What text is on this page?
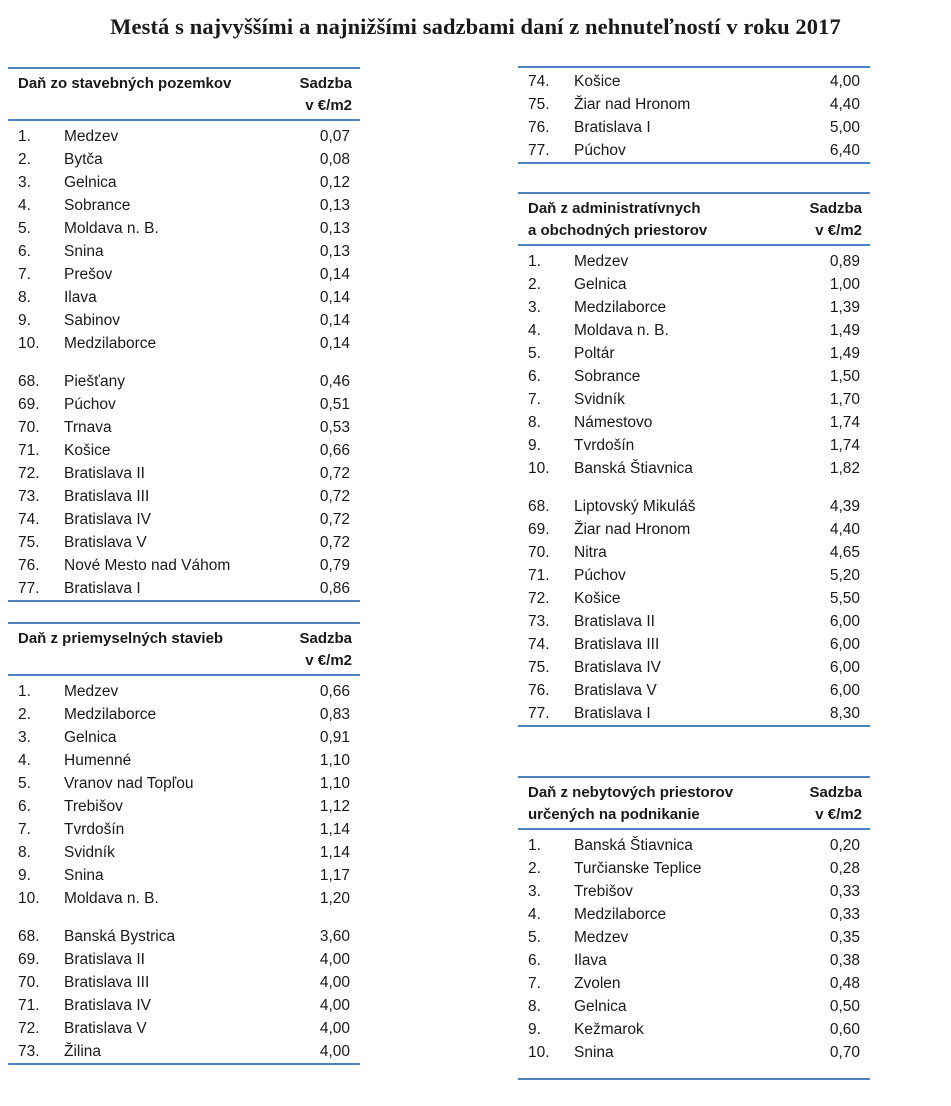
Mestá s najvyššími a najnižšími sadzbami daní z nehnuteľností v roku 2017
Daň zo stavebných pozemkov	Sadzba
v €/m2
1. Medzev	0,07
2. Bytča	0,08
3. Gelnica	0,12
4. Sobrance	0,13
5. Moldava n. B.	0,13
6. Snina	0,13
7. Prešov	0,14
8. Ilava	0,14
9. Sabinov	0,14
10. Medzilaborce	0,14
68. Piešťany	0,46
69. Púchov	0,51
70. Trnava	0,53
71. Košice	0,66
72. Bratislava II	0,72
73. Bratislava III	0,72
74. Bratislava IV	0,72
75. Bratislava V	0,72
76. Nové Mesto nad Váhom	0,79
77. Bratislava I	0,86
Daň z priemyselných stavieb	Sadzba
v €/m2
1. Medzev	0,66
2. Medzilaborce	0,83
3. Gelnica	0,91
4. Humenné	1,10
5. Vranov nad Topľou	1,10
6. Trebišov	1,12
7. Tvrdošín	1,14
8. Svidník	1,14
9. Snina	1,17
10. Moldava n. B.	1,20
68. Banská Bystrica	3,60
69. Bratislava II	4,00
70. Bratislava III	4,00
71. Bratislava IV	4,00
72. Bratislava V	4,00
73. Žilina	4,00
74. Košice	4,00
75. Žiar nad Hronom	4,40
76. Bratislava I	5,00
77. Púchov	6,40
Daň z administratívnych
a obchodných priestorov
Sadzba
v €/m2
1. Medzev	0,89
2. Gelnica	1,00
3. Medzilaborce	1,39
4. Moldava n. B.	1,49
5. Poltár	1,49
6. Sobrance	1,50
7. Svidník	1,70
8. Námestovo	1,74
9. Tvrdošín	1,74
10. Banská Štiavnica	1,82
68. Liptovský Mikuláš	4,39
69. Žiar nad Hronom	4,40
70. Nitra	4,65
71. Púchov	5,20
72. Košice	5,50
73. Bratislava II	6,00
74. Bratislava III	6,00
75. Bratislava IV	6,00
76. Bratislava V	6,00
77. Bratislava I	8,30
Daň z nebytových priestorov
určených na podnikanie
Sadzba
v €/m2
1. Banská Štiavnica	0,20
2. Turčianske Teplice	0,28
3. Trebišov	0,33
4. Medzilaborce	0,33
5. Medzev	0,35
6. Ilava	0,38
7. Zvolen	0,48
8. Gelnica	0,50
9. Kežmarok	0,60
10. Snina	0,70
